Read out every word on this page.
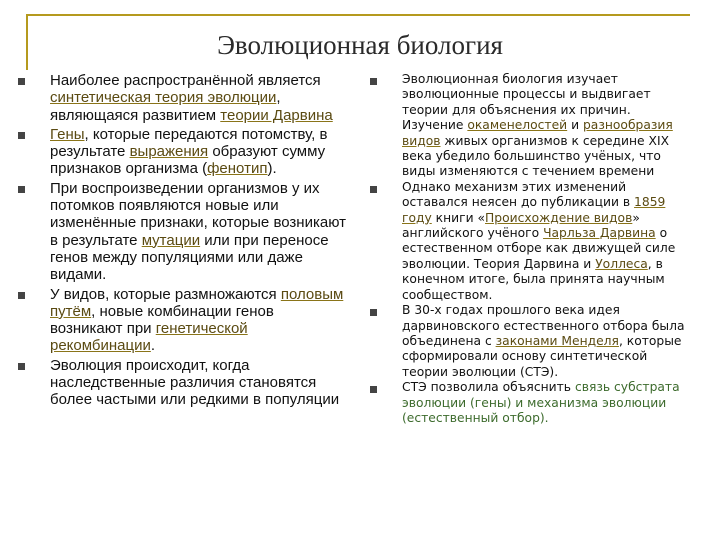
Эволюционная биология
Наиболее распространённой является синтетическая теория эволюции, являющаяся развитием теории Дарвина
Гены, которые передаются потомству, в результате выражения образуют сумму признаков организма (фенотип).
При воспроизведении организмов у их потомков появляются новые или изменённые признаки, которые возникают в результате мутации или при переносе генов между популяциями или даже видами.
У видов, которые размножаются половым путём, новые комбинации генов возникают при генетической рекомбинации.
Эволюция происходит, когда наследственные различия становятся более частыми или редкими в популяции
Эволюционная биология изучает эволюционные процессы и выдвигает теории для объяснения их причин. Изучение окаменелостей и разнообразия видов живых организмов к середине XIX века убедило большинство учёных, что виды изменяются с течением времени
Однако механизм этих изменений оставался неясен до публикации в 1859 году книги «Происхождение видов» английского учёного Чарльза Дарвина о естественном отборе как движущей силе эволюции. Теория Дарвина и Уоллеса, в конечном итоге, была принята научным сообществом.
В 30-х годах прошлого века идея дарвиновского естественного отбора была объединена с законами Менделя, которые сформировали основу синтетической теории эволюции (СТЭ).
СТЭ позволила объяснить связь субстрата эволюции (гены) и механизма эволюции (естественный отбор).
